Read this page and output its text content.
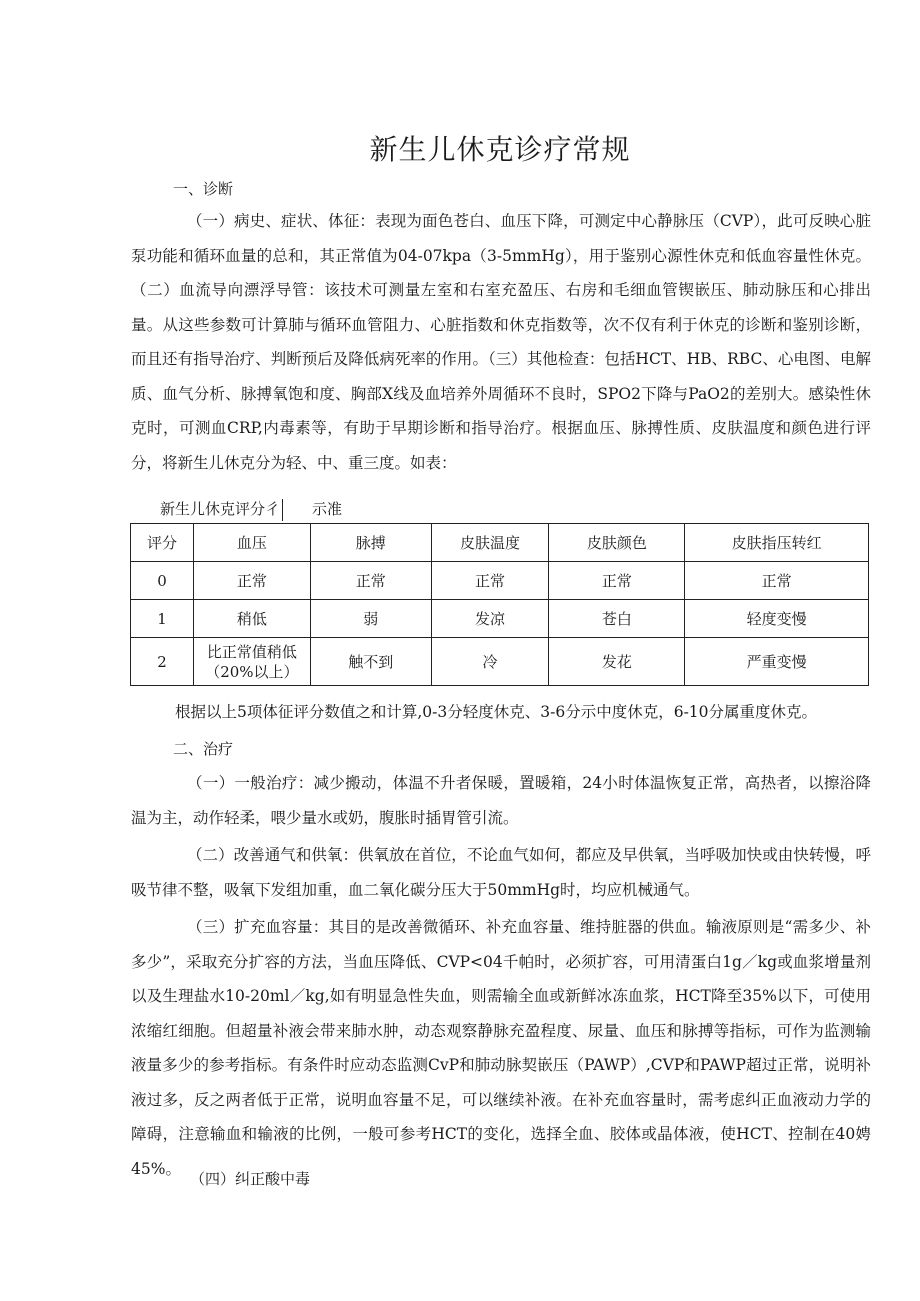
新生儿休克诊疗常规
一、诊断

（一）病史、症状、体征：表现为面色苍白、血压下降，可测定中心静脉压（CVP），此可反映心脏泵功能和循环血量的总和，其正常值为04-07kpa（3-5mmHg），用于鉴别心源性休克和低血容量性休克。（二）血流导向漂浮导管：该技术可测量左室和右室充盈压、右房和毛细血管锲嵌压、肺动脉压和心排出量。从这些参数可计算肺与循环血管阻力、心脏指数和休克指数等，次不仅有利于休克的诊断和鉴别诊断，而且还有指导治疗、判断预后及降低病死率的作用。（三）其他检查：包括HCT、HB、RBC、心电图、电解质、血气分析、脉搏氧饱和度、胸部X线及血培养外周循环不良时，SPO2下降与PaO2的差别大。感染性休克时，可测血CRP,内毒素等，有助于早期诊断和指导治疗。根据血压、脉搏性质、皮肤温度和颜色进行评分，将新生儿休克分为轻、中、重三度。如表：

新生儿休克评分彳 示准
评分	血压	脉搏	皮肤温度	皮肤颜色	皮肤指压转红
0	正常	正常	正常	正常	正常
1	稍低	弱	发凉	苍白	轻度变慢
2	比正常值稍低（20%以上）	触不到	冷	发花	严重变慢

根据以上5项体征评分数值之和计算,0-3分轻度休克、3-6分示中度休克，6-10分属重度休克。

二、治疗

（一）一般治疗：减少搬动，体温不升者保暖，置暖箱，24小时体温恢复正常，高热者，以擦浴降温为主，动作轻柔，喂少量水或奶，腹胀时插胃管引流。

（二）改善通气和供氧：供氧放在首位，不论血气如何，都应及早供氧，当呼吸加快或由快转慢，呼吸节律不整，吸氧下发组加重，血二氧化碳分压大于50mmHg时，均应机械通气。

（三）扩充血容量：其目的是改善微循环、补充血容量、维持脏器的供血。输液原则是“需多少、补多少”，采取充分扩容的方法，当血压降低、CVP<04千帕时，必须扩容，可用清蛋白1g／kg或血浆增量剂以及生理盐水10-20ml／kg,如有明显急性失血，则需输全血或新鲜冰冻血浆，HCT降至35%以下，可使用浓缩红细胞。但超量补液会带来肺水肿，动态观察静脉充盈程度、尿量、血压和脉搏等指标，可作为监测输液量多少的参考指标。有条件时应动态监测CvP和肺动脉契嵌压（PAWP）,CVP和PAWP超过正常，说明补液过多，反之两者低于正常，说明血容量不足，可以继续补液。在补充血容量时，需考虑纠正血液动力学的障碍，注意输血和输液的比例，一般可参考HCT的变化，选择全血、胶体或晶体液，使HCT、控制在40娉45%。

（四）纠正酸中毒
